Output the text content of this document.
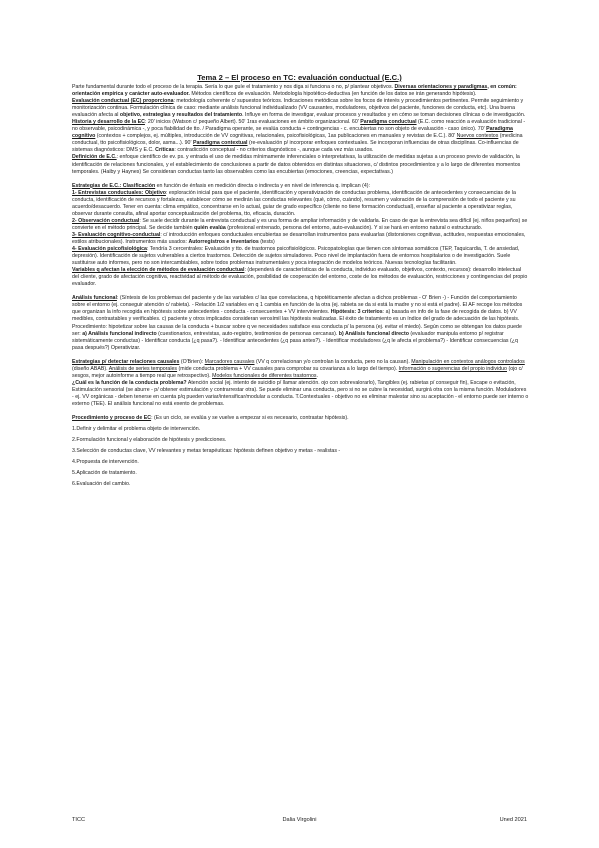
Tema 2 – El proceso en TC: evaluación conductual (E.C.)

Parte fundamental durante todo el proceso de la terapia. Sería lo que guíe el tratamiento y nos diga si funciona o no, p/ plantear objetivos. Diversas orientaciones y paradigmas, en común: orientación empírica y carácter auto-evaluador. Métodos científicos de evaluación. Metodología hipotético-deductiva (en función de los datos se irán generando hipótesis).

Evaluación conductual (EC) proporciona: metodología coherente c/ supuestos teóricos. Indicaciones metódicas sobre los focos de interés y procedimientos pertinentes. Permite seguimiento y monitorización continua. Formulación clínica de caso: mediante análisis funcional individualizado (VV causantes, moduladores, objetivos del paciente, funciones de conducta, etc). Una buena evaluación afecta al objetivo, estrategias y resultados del tratamiento. Influye en forma de investigar, evaluar procesos y resultados y en cómo se toman decisiones clínicas o de investigación.

Historia y desarrollo de la EC: 20' inicios (Watson c/ pequeño Albert). 50' 1ras evaluaciones en ámbito organizacional. 60' Paradigma conductual (E.C. como reacción a evaluación tradicional - no observable, psicodinámica -, y poca fiabilidad de tto. / Paradigma operante, se evalúa conducta + contingencias - c. encubiertas no son objeto de evaluación - caso único). 70' Paradigma cognitivo (contextos + complejos, ej. múltiples, introducción de VV cognitivas, relacionales, psicofisiológicas, 1as publicaciones en manuales y revistas de E.C.). 80' Nuevos contextos (medicina conductual, tto psicofisiológicos, dolor, asma...). 90' Paradigma contextual (re-evaluación p/ incorporar enfoques contextuales. Se incorporan influencias de otras disciplinas. Co-influencias de sistemas diagnósticos: DMS y E.C. Críticas: contradicción conceptual - no criterios diagnósticos -, aunque cada vez más usados.

Definición de E.C.: enfoque científico de ev. ps. y entrada el uso de medidas mínimamente inferenciales o interpretativas, la utilización de medidas sujetas a un proceso previo de validación, la identificación de relaciones funcionales, y el establecimiento de conclusiones a partir de datos obtenidos en distintas situaciones, c/ distintos procedimientos y a lo largo de diferentes momentos temporales. (Haiby y Haynes) Se consideran conductas tanto las observables como las encubiertas (emociones, creencias, expectativas.)

Estrategias de E.C.: Clasificación en función de énfasis en medición directa o indirecta y en nivel de inferencia q. implican (4):

1- Entrevistas conductuales: Objetivo: exploración inicial para que el paciente, identificación y operativización de conductas problema, identificación de antecedentes y consecuencias de la conducta, identificación de recursos y fortalezas, establecer cómo se medirán las conductas relevantes (qué, cómo, cuándo), resumen y valoración de la comprensión de todo el paciente y su acuerdo/desacuerdo. Tener en cuenta: clima empático, concentrarse en lo actual, guiar de grado específico (cliente no tiene formación conductual), enseñar al paciente a operativizar reglas, observar durante consulta, afinal aportar conceptualización del problema, tto, eficacia, duración.

2- Observación conductual: Se suele decidir durante la entrevista conductual y es una forma de ampliar información y de validarla. En caso de que la entrevista sea difícil (ej. niños pequeños) se convierte en el método principal. Se decide también quién evalúa (profesional entrenado, persona del entorno, auto-evaluación). Y si se hará en entorno natural o estructurado.

3- Evaluación cognitivo-conductual: c/ introducción enfoques conductuales encubiertas se desarrollan instrumentos para evaluarlas (distorsiones cognitivas, actitudes, respuestas emocionales, estilos atribucionales). Instrumentos más usados: Autorregistros e Inventarios (tests)

4- Evaluación psicofisiológica: Tendría 3 cercentrales: Evaluación y tto. de trastornos psicofisiológicos. Psicopatologías que tienen con síntomas somáticos (TEP, Taquicardia, T. de ansiedad, depresión). Identificación de sujetos vulnerables a ciertos trastornos. Detección de sujetos simuladores. Poco nivel de implantación fuera de entornos hospitalarios o de investigación. Suele sustituirse auto informes, pero no son intercambiables, sobre todos problemas instrumentales y poca integración de modelos teóricos. Nuevas tecnologías facilitarán.

Variables q afectan la elección de métodos de evaluación conductual: (dependerá de características de la conducta, individuo evaluado, objetivos, contexto, recursos): desarrollo intelectual del cliente, grado de afectación cognitiva, reactividad al método de evaluación, posibilidad de cooperación del entorno, coste de los métodos de evaluación, restricciones y contingencias del propio evaluador.

Análisis funcional: (Síntesis de los problemas del paciente y de las variables c/ las que correlaciona, q hipotéticamente afectan a dichos problemas - O' Brien -) - Función del comportamiento sobre el entorno (ej. conseguir atención c/ rabieta). - Relación 1/2 variables en q 1 cambia en función de la otra (ej. rabieta se da si está la madre y no si está el padre). El AF recoge los métodos que organizan la info recogida en hipótesis sobre antecedentes - conducta - consecuentes + VV intervinientes. Hipótesis: 3 criterios: a) basada en info de la fase de recogida de datos. b) VV medibles, contrastables y verificables. c) paciente y otros implicados consideran verosímil las hipótesis realizadas. El éxito de tratamiento es un índice del grado de adecuación de las hipótesis.

Procedimiento: hipotetizar sobre las causas de la conducta + buscar sobre q ve necesidades satisface esa conducta p/ la persona (ej. evitar el miedo). Según como se obtengan los datos puede ser: a) Análisis funcional indirecto (cuestionarios, entrevistas, auto-registro, testimonios de personas cercanas). b) Análisis funcional directo (evaluador manipula entorno p/ registrar sistemáticamente conductas) - Identificar conducta (¿q pasa?). - Identificar antecedentes (¿q pasa antes?). - Identificar moduladores (¿q le afecta el problema?) - Identificar consecuencias (¿q pasa después?) Operativizar.

Estrategias p/ detectar relaciones causales (O'Brien): Marcadores causales (VV q correlacionan y/o controlan la conducta, pero no la causan). Manipulación en contextos análogos controlados (diseño ABAB). Análisis de series temporales (mide conducta problema + VV causales para comprobar su covarianza a lo largo del tiempo). Información o sugerencias del propio individuo (ojo c/ sesgos, mejor autoinforme a tiempo real que retrospectivo). Modelos funcionales de diferentes trastornos.

¿Cuál es la función de la conducta problema? Atención social (ej. intento de suicidio p/ llamar atención. ojo con sobrevalorarlo), Tangibles (ej. rabietas p/ conseguir fin), Escape o evitación, Estimulación sensorial (se aburre - p/ obtener estimulación y contrarrestar otra). Se puede eliminar una conducta, pero si no se cubre la necesidad, surgirá otra con la misma función. Moduladores - ej. VV orgánicas - deben tenerse en cuenta p/q pueden variar/intensificar/modular a conducta. T.Contextuales - objetivo no es eliminar malestar sino su aceptación - el entorno puede ser interno o externo (TEE). El análisis funcional no está exento de problemas.

Procedimiento y proceso de EC: (Es un ciclo, se evalúa y se vuelve a empezar si es necesario, contrastar hipótesis).

1.Definir y delimitar el problema objeto de intervención.

2.Formulación funcional y elaboración de hipótesis y predicciones.

3.Selección de conductas clave, VV relevantes y metas terapéuticas: hipótesis definen objetivo y metas - realistas -

4.Propuesta de intervención.

5.Aplicación de tratamiento.

6.Evaluación del cambio.

TICC	Dalia Virgolini	Uned 2021
